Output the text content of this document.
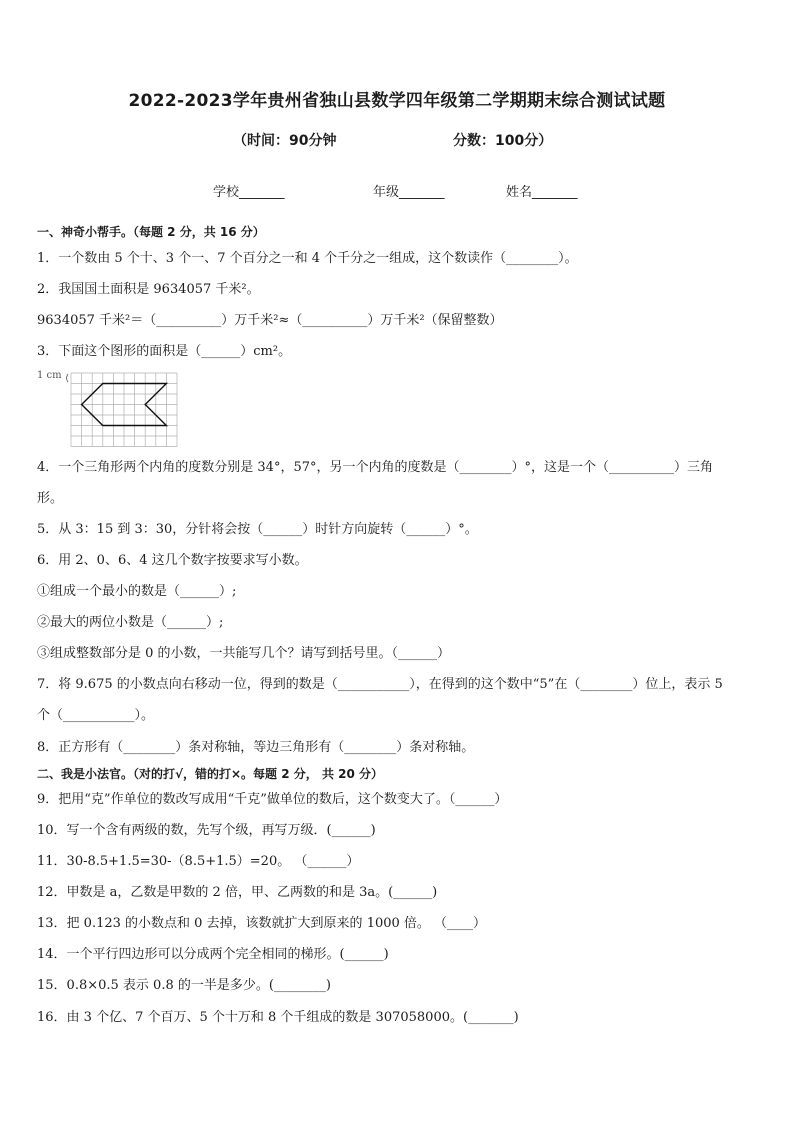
2022-2023学年贵州省独山县数学四年级第二学期期末综合测试试题
（时间：90分钟	分数：100分）
学校_______	年级_______	姓名_______
一、神奇小帮手。（每题 2 分，共 16 分）
1．一个数由 5 个十、3 个一、7 个百分之一和 4 个千分之一组成，这个数读作（________）。
2．我国国土面积是 9634057 千米²。
9634057 千米²＝（__________）万千米²≈（__________）万千米²（保留整数）
3．下面这个图形的面积是（______）cm²。
1 cm
4．一个三角形两个内角的度数分别是 34°，57°，另一个内角的度数是（________）°，这是一个（__________）三角
形。
5．从 3：15 到 3：30，分针将会按（______）时针方向旋转（______）°。
6．用 2、0、6、4 这几个数字按要求写小数。
①组成一个最小的数是（______）;
②最大的两位小数是（______）;
③组成整数部分是 0 的小数，一共能写几个？请写到括号里。（______）
7．将 9.675 的小数点向右移动一位，得到的数是（___________），在得到的这个数中“5”在（________）位上，表示 5
个（___________）。
8．正方形有（________）条对称轴，等边三角形有（________）条对称轴。
二、我是小法官。（对的打√，错的打×。每题 2 分， 共 20 分）
9．把用“克”作单位的数改写成用“千克”做单位的数后，这个数变大了。（______）
10．写一个含有两级的数，先写个级，再写万级．(______)
11．30-8.5+1.5=30-（8.5+1.5）=20。 （______）
12．甲数是 a，乙数是甲数的 2 倍，甲、乙两数的和是 3a。(______)
13．把 0.123 的小数点和 0 去掉，该数就扩大到原来的 1000 倍。 （____）
14．一个平行四边形可以分成两个完全相同的梯形。(______)
15．0.8×0.5 表示 0.8 的一半是多少。(________)
16．由 3 个亿、7 个百万、5 个十万和 8 个千组成的数是 307058000。(_______)
